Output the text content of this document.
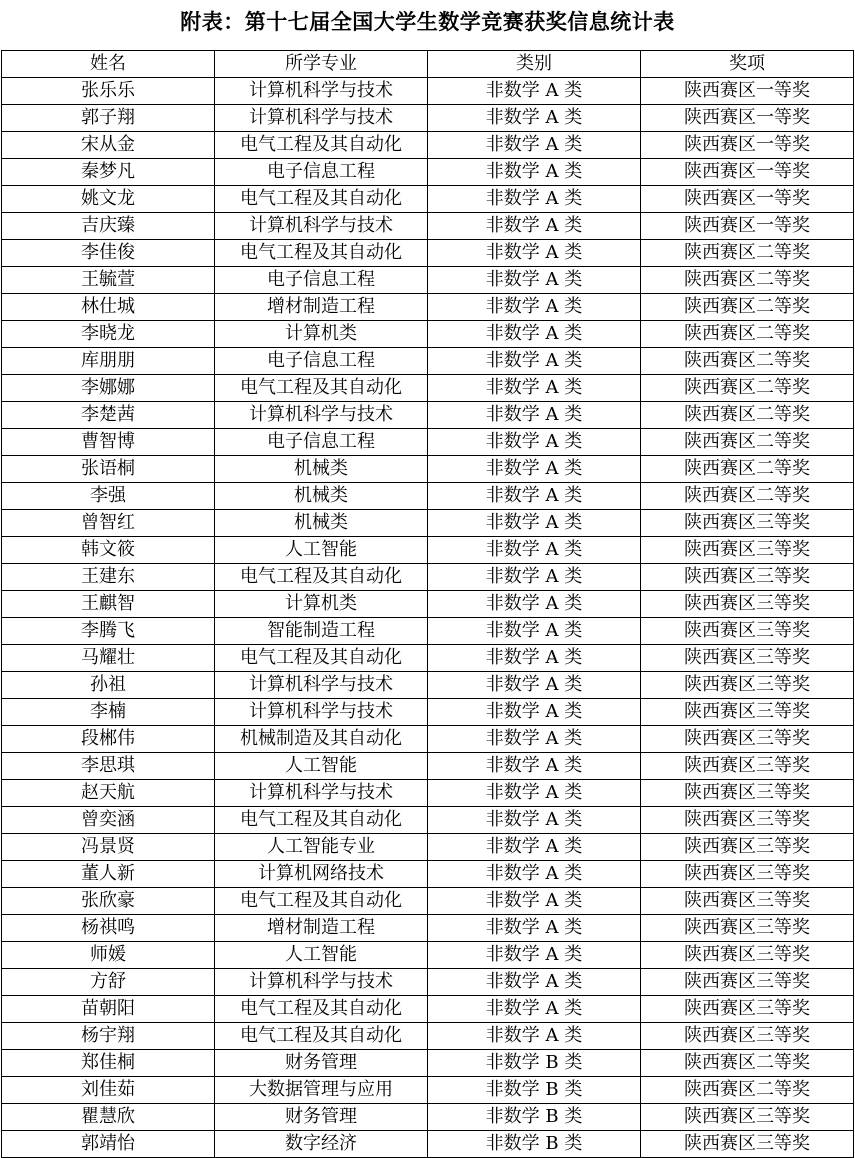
附表：第十七届全国大学生数学竞赛获奖信息统计表
姓名	所学专业	类别	奖项
张乐乐	计算机科学与技术	非数学 A 类	陕西赛区一等奖
郭子翔	计算机科学与技术	非数学 A 类	陕西赛区一等奖
宋从金	电气工程及其自动化	非数学 A 类	陕西赛区一等奖
秦梦凡	电子信息工程	非数学 A 类	陕西赛区一等奖
姚文龙	电气工程及其自动化	非数学 A 类	陕西赛区一等奖
吉庆臻	计算机科学与技术	非数学 A 类	陕西赛区一等奖
李佳俊	电气工程及其自动化	非数学 A 类	陕西赛区二等奖
王毓萱	电子信息工程	非数学 A 类	陕西赛区二等奖
林仕城	增材制造工程	非数学 A 类	陕西赛区二等奖
李晓龙	计算机类	非数学 A 类	陕西赛区二等奖
库朋朋	电子信息工程	非数学 A 类	陕西赛区二等奖
李娜娜	电气工程及其自动化	非数学 A 类	陕西赛区二等奖
李楚茜	计算机科学与技术	非数学 A 类	陕西赛区二等奖
曹智博	电子信息工程	非数学 A 类	陕西赛区二等奖
张语桐	机械类	非数学 A 类	陕西赛区二等奖
李强	机械类	非数学 A 类	陕西赛区二等奖
曾智红	机械类	非数学 A 类	陕西赛区三等奖
韩文筱	人工智能	非数学 A 类	陕西赛区三等奖
王建东	电气工程及其自动化	非数学 A 类	陕西赛区三等奖
王麒智	计算机类	非数学 A 类	陕西赛区三等奖
李腾飞	智能制造工程	非数学 A 类	陕西赛区三等奖
马耀壮	电气工程及其自动化	非数学 A 类	陕西赛区三等奖
孙祖	计算机科学与技术	非数学 A 类	陕西赛区三等奖
李楠	计算机科学与技术	非数学 A 类	陕西赛区三等奖
段郴伟	机械制造及其自动化	非数学 A 类	陕西赛区三等奖
李思琪	人工智能	非数学 A 类	陕西赛区三等奖
赵天航	计算机科学与技术	非数学 A 类	陕西赛区三等奖
曾奕涵	电气工程及其自动化	非数学 A 类	陕西赛区三等奖
冯景贤	人工智能专业	非数学 A 类	陕西赛区三等奖
董人新	计算机网络技术	非数学 A 类	陕西赛区三等奖
张欣豪	电气工程及其自动化	非数学 A 类	陕西赛区三等奖
杨祺鸣	增材制造工程	非数学 A 类	陕西赛区三等奖
师媛	人工智能	非数学 A 类	陕西赛区三等奖
方舒	计算机科学与技术	非数学 A 类	陕西赛区三等奖
苗朝阳	电气工程及其自动化	非数学 A 类	陕西赛区三等奖
杨宇翔	电气工程及其自动化	非数学 A 类	陕西赛区三等奖
郑佳桐	财务管理	非数学 B 类	陕西赛区二等奖
刘佳茹	大数据管理与应用	非数学 B 类	陕西赛区二等奖
瞿慧欣	财务管理	非数学 B 类	陕西赛区三等奖
郭靖怡	数字经济	非数学 B 类	陕西赛区三等奖
